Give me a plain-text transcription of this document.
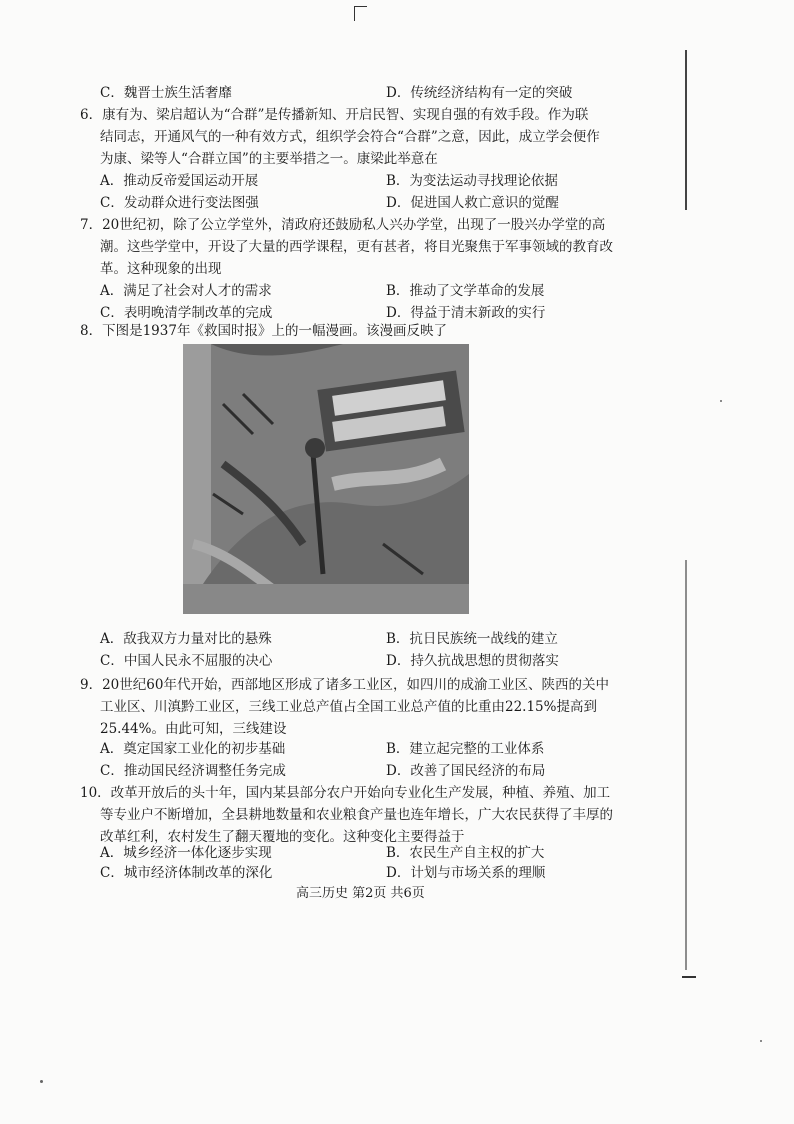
C．魏晋士族生活奢靡	D．传统经济结构有一定的突破
6．康有为、梁启超认为“合群”是传播新知、开启民智、实现自强的有效手段。作为联
结同志，开通风气的一种有效方式，组织学会符合“合群”之意，因此，成立学会便作
为康、梁等人“合群立国”的主要举措之一。康梁此举意在
A．推动反帝爱国运动开展	B．为变法运动寻找理论依据
C．发动群众进行变法图强	D．促进国人救亡意识的觉醒
7．20世纪初，除了公立学堂外，清政府还鼓励私人兴办学堂，出现了一股兴办学堂的高
潮。这些学堂中，开设了大量的西学课程，更有甚者，将目光聚焦于军事领域的教育改
革。这种现象的出现
A．满足了社会对人才的需求	B．推动了文学革命的发展
C．表明晚清学制改革的完成	D．得益于清末新政的实行
8．下图是1937年《救国时报》上的一幅漫画。该漫画反映了
A．敌我双方力量对比的悬殊	B．抗日民族统一战线的建立
C．中国人民永不屈服的决心	D．持久抗战思想的贯彻落实
9．20世纪60年代开始，西部地区形成了诸多工业区，如四川的成渝工业区、陕西的关中
工业区、川滇黔工业区，三线工业总产值占全国工业总产值的比重由22.15%提高到
25.44%。由此可知，三线建设
A．奠定国家工业化的初步基础	B．建立起完整的工业体系
C．推动国民经济调整任务完成	D．改善了国民经济的布局
10．改革开放后的头十年，国内某县部分农户开始向专业化生产发展，种植、养殖、加工
等专业户不断增加，全县耕地数量和农业粮食产量也连年增长，广大农民获得了丰厚的
改革红利，农村发生了翻天覆地的变化。这种变化主要得益于
A．城乡经济一体化逐步实现	B．农民生产自主权的扩大
C．城市经济体制改革的深化	D．计划与市场关系的理顺
高三历史 第2页 共6页
